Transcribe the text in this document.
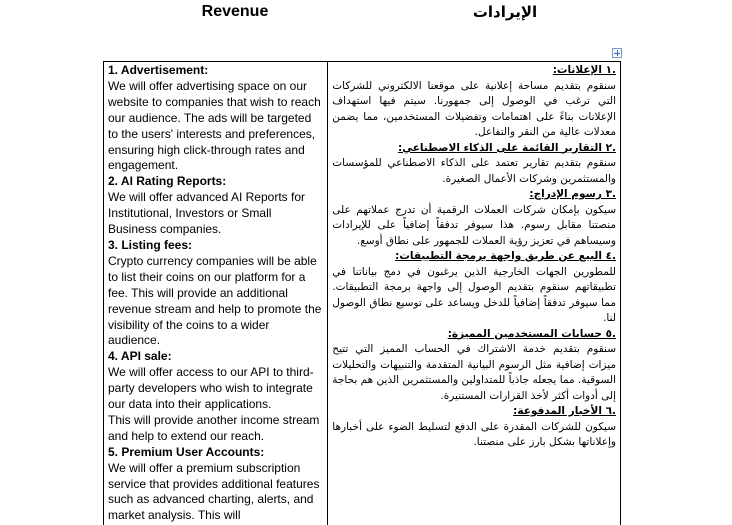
Revenue	الإيرادات

1. Advertisement:

We will offer advertising space on our website to companies that wish to reach our audience. The ads will be targeted to the users' interests and preferences, ensuring high click-through rates and engagement.

2. AI Rating Reports:

We will offer advanced AI Reports for Institutional, Investors or Small Business companies.

3. Listing fees:

Crypto currency companies will be able to list their coins on our platform for a fee. This will provide an additional revenue stream and help to promote the visibility of the coins to a wider audience.

4. API sale:

We will offer access to our API to third-party developers who wish to integrate our data into their applications.
This will provide another income stream and help to extend our reach.

5. Premium User Accounts:

We will offer a premium subscription service that provides additional features such as advanced charting, alerts, and market analysis. This will

.١ الإعلانات:

سنقوم بتقديم مساحة إعلانية على موقعنا الالكتروني للشركات التي ترغب في الوصول إلى جمهورنا. سيتم فيها استهداف الإعلانات بناءً على اهتمامات وتفضيلات المستخدمين، مما يضمن معدلات عالية من النقر والتفاعل.

.٢ التقارير القائمة على الذكاء الاصطناعي:

سنقوم بتقديم تقارير تعتمد على الذكاء الاصطناعي للمؤسسات والمستثمرين وشركات الأعمال الصغيرة.

.٣ رسوم الإدراج:

سيكون بإمكان شركات العملات الرقمية أن تدرج عملاتهم على منصتنا مقابل رسوم. هذا سيوفر تدفقاً إضافياً على للإيرادات وسيساهم في تعزيز رؤية العملات للجمهور على نطاق أوسع.

.٤ البيع عن طريق واجهة برمجة التطبيقات:

للمطورين الجهات الخارجية الذين يرغبون في دمج بياناتنا في تطبيقاتهم سنقوم بتقديم الوصول إلى واجهة برمجة التطبيقات. مما سيوفر تدفقاً إضافياً للدخل ويساعد على توسيع نطاق الوصول لنا.

.٥ حسابات المستخدمين المميزة:

سنقوم بتقديم خدمة الاشتراك في الحساب المميز التي تتيح ميزات إضافية مثل الرسوم البيانية المتقدمة والتنبيهات والتحليلات السوقية. مما يجعله جاذباً للمتداولين والمستثمرين الذين هم بحاجة إلى أدوات أكثر لأخذ القرارات المستنيرة.

.٦ الأخبار المدفوعة:

سيكون للشركات المقدرة على الدفع لتسليط الضوء على أخبارها وإعلاناتها بشكل بارز على منصتنا.
